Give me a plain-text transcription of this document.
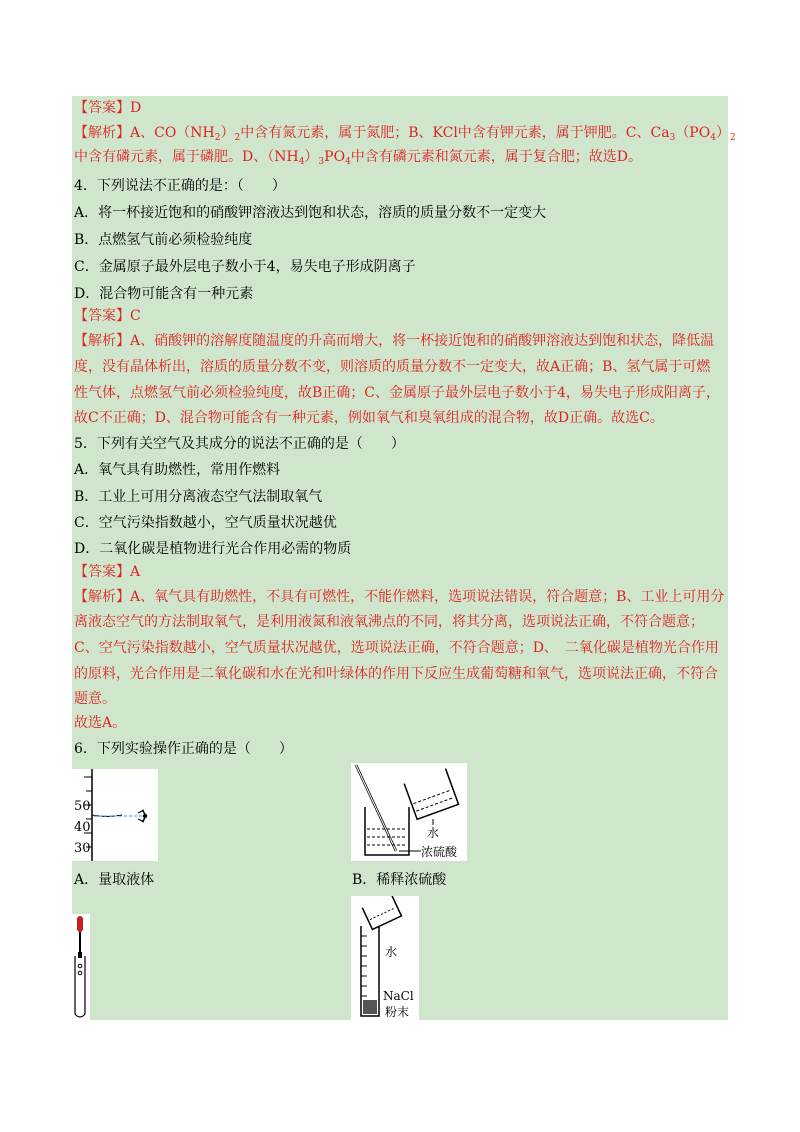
【答案】D
【解析】A、$CO(NH_2)_2$中含有氮元素，属于氮肥；B、KCl中含有钾元素，属于钾肥。C、$Ca_3(PO_4)_2$
中含有磷元素，属于磷肥。D、$(NH_4)_3PO_4$中含有磷元素和氮元素，属于复合肥；故选D。
4．下列说法不正确的是：（　　）
A．将一杯接近饱和的硝酸钾溶液达到饱和状态，溶质的质量分数不一定变大
B．点燃氢气前必须检验纯度
C．金属原子最外层电子数小于4，易失电子形成阴离子
D．混合物可能含有一种元素
【答案】C
【解析】A、硝酸钾的溶解度随温度的升高而增大，将一杯接近饱和的硝酸钾溶液达到饱和状态，降低温
度，没有晶体析出，溶质的质量分数不变，则溶质的质量分数不一定变大，故A正确；B、氢气属于可燃
性气体，点燃氢气前必须检验纯度，故B正确；C、金属原子最外层电子数小于4，易失电子形成阳离子，
故C不正确；D、混合物可能含有一种元素，例如氧气和臭氧组成的混合物，故D正确。故选C。
5．下列有关空气及其成分的说法不正确的是（　　）
A．氧气具有助燃性，常用作燃料
B．工业上可用分离液态空气法制取氧气
C．空气污染指数越小，空气质量状况越优
D．二氧化碳是植物进行光合作用必需的物质
【答案】A
【解析】A、氧气具有助燃性，不具有可燃性，不能作燃料，选项说法错误，符合题意；B、工业上可用分
离液态空气的方法制取氧气，是利用液氮和液氧沸点的不同，将其分离，选项说法正确，不符合题意；
C、空气污染指数越小，空气质量状况越优，选项说法正确，不符合题意；D、　二氧化碳是植物光合作用
的原料，光合作用是二氧化碳和水在光和叶绿体的作用下反应生成葡萄糖和氧气，选项说法正确，不符合
题意。
故选A。
6．下列实验操作正确的是（　　）
50
40
30
A．量取液体
水
浓硫酸
B．稀释浓硫酸
水
NaCl
粉末
